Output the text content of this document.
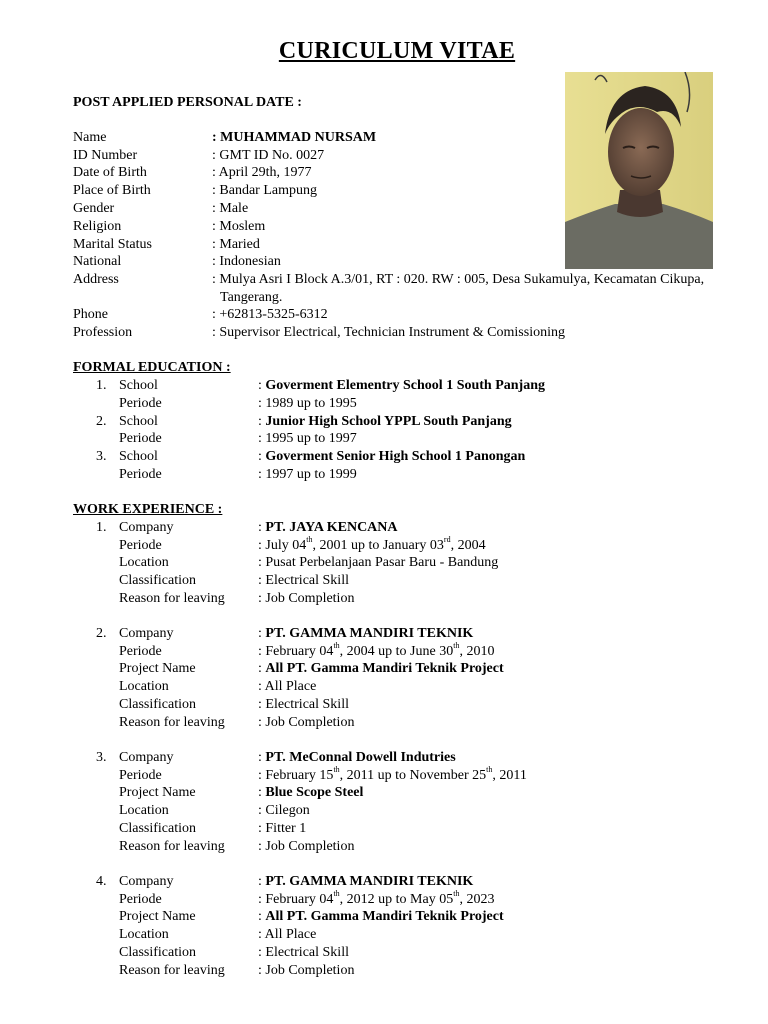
CURICULUM VITAE
POST APPLIED PERSONAL DATE :
Name	: MUHAMMAD NURSAM
ID Number	: GMT ID No. 0027
Date of Birth	: April 29th, 1977
Place of Birth	: Bandar Lampung
Gender	: Male
Religion	: Moslem
Marital Status	: Maried
National	: Indonesian
Address	: Mulya Asri I Block A.3/01, RT : 020. RW : 005, Desa Sukamulya, Kecamatan Cikupa,
Tangerang.
Phone	: +62813-5325-6312
Profession	: Supervisor Electrical, Technician Instrument & Comissioning
FORMAL EDUCATION :
1. School	: Goverment Elementry School 1 South Panjang
Periode	: 1989 up to 1995
2. School	: Junior High School YPPL South Panjang
Periode	: 1995 up to 1997
3. School	: Goverment Senior High School 1 Panongan
Periode	: 1997 up to 1999
WORK EXPERIENCE :
1. Company	: PT. JAYA KENCANA
Periode	: July 04th, 2001 up to January 03rd, 2004
Location	: Pusat Perbelanjaan Pasar Baru - Bandung
Classification	: Electrical Skill
Reason for leaving : Job Completion
2. Company	: PT. GAMMA MANDIRI TEKNIK
Periode	: February 04th, 2004 up to June 30th, 2010
Project Name	: All PT. Gamma Mandiri Teknik Project
Location	: All Place
Classification	: Electrical Skill
Reason for leaving : Job Completion
3. Company	: PT. MeConnal Dowell Indutries
Periode	: February 15th, 2011 up to November 25th, 2011
Project Name	: Blue Scope Steel
Location	: Cilegon
Classification	: Fitter 1
Reason for leaving : Job Completion
4. Company	: PT. GAMMA MANDIRI TEKNIK
Periode	: February 04th, 2012 up to May 05th, 2023
Project Name	: All PT. Gamma Mandiri Teknik Project
Location	: All Place
Classification	: Electrical Skill
Reason for leaving : Job Completion
